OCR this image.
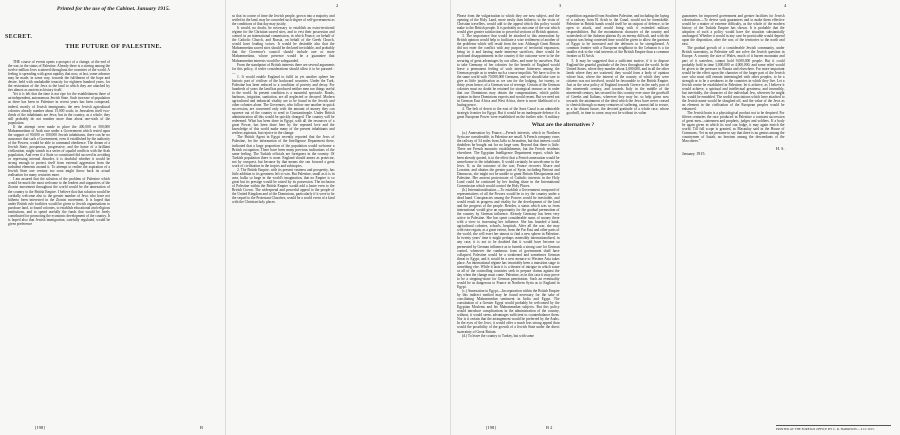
Printed for the use of the Cabinet. January 1915.
SECRET.
THE FUTURE OF PALESTINE.

THE course of events opens a prospect of a change, at the end of the war, in the status of Palestine. Already there is a stirring among the twelve million Jews scattered throughout the countries of the world. A feeling is spreading with great rapidity that now, at last, some advance may be made, in some way, towards the fulfilment of the hope and desire, held with unshakable tenacity for eighteen hundred years, for the restoration of the Jews to the land to which they are attached by ties almost as ancient as history itself.

Yet it is felt that the time is not ripe for the establishment there of an independent, autonomous Jewish State. Such increase of population as there has been in Palestine in recent years has been composed, indeed, mostly of Jewish immigrants; the new Jewish agricultural colonies already number about 15,000 souls; in Jerusalem itself two-thirds of the inhabitants are Jews; but in the country, as a whole, they still probably do not number more than about one-sixth of the population.

If the attempt were made to place the 400,000 or 500,000 Mahommedans of Arab race under a Government which rested upon the support of 90,000 or 100,000 Jewish inhabitants, there can be no assurance that such a Government, even if established by the authority of the Powers, would be able to command obedience. The dream of a Jewish State, prosperous, progressive, and the home of a brilliant civilization, might vanish in a series of squalid conflicts with the Arab population. And even if a State so constituted did succeed in avoiding or repressing internal disorder, it is doubtful whether it would be strong enough to protect itself from external aggression from the turbulent elements around it. To attempt to realise the aspiration of a Jewish State one century too soon might throw back its actual realisation for many centuries more.

I am assured that the solution of the problem of Palestine which would be much the most welcome to the leaders and supporters of the Zionist movement throughout the world would be the annexation of the country to the British Empire. I believe that that solution would be cordially welcome also to the greater number of Jews who have not hitherto been interested in the Zionist movement. It is hoped that under British rule facilities would be given to Jewish organisations to purchase land, to found colonies, to establish educational and religious institutions, and to spend usefully the funds that would be freely contributed for promoting the economic development of the country. It is hoped also that Jewish immigration, carefully regulated, would be given preference

[198]	B
2

so that in course of time the Jewish people, grown into a majority and settled in the land, may be conceded such degree of self-government as the conditions of that day may justify.

It would, no doubt, be necessary to establish an extra-territorial régime for the Christian sacred sites, and to vest their possession and control in an international commission, in which France, on behalf of the Catholic Church, and Russia, on behalf of the Greek Church, would have leading voices. It would be desirable also that the Mahommedan sacred sites should be declared inviolable, and probably that the Governor's council should include one or more Mahommedans, whose presence would be a guarantee that Mahommedan interests would be safeguarded.

From the standpoint of British interests there are several arguments for this policy, if wider considerations should allow it to be pursued :—

1. It would enable England to fulfil in yet another sphere her historic part of civiliser of the backward countries. Under the Turk, Palestine has been reduced to a condition of poverty and decay. For hundreds of years the land has produced neither men nor things useful to the world. Its present condition is a mournful spectacle. Roads, harbours, irrigation, sanitation, are all neglected or decayed. Modern agricultural and industrial vitality are to be found in the Jewish and other colonies alone. The Governors, who follow one another in quick succession, are concerned only with the amount of money they can squeeze out of the country to send to Constantinople. Under British administration all this would be quickly changed. The country will be redeemed. What has been done in Egypt, with all the resources of a great Power, has been done here by the repeated love and the knowledge of this world make many of the present inhabitants and restless aspirants, but rejoice in the change.

The British Agent in Egypt recently reported that the Jews of Palestine, for the information of the Intelligence Department there, indicated that a large proportion of the population would welcome a British occupation. There have been many previous indications of the same feeling. The Turkish officials are foreigners in the country. Of Turkish population there is none. England should annex as protector, not by conquest, but because by that means she can forward a great work of civilisation in the tropics and subtropics.

2. The British Empire, with its present vastness and prosperity, has little addition to its greatness left to win. But Palestine, small as it is in area, bulks so large in the world's imagination, that no Empire is so great but its prestige would be raised by its possession. The inclusion of Palestine within the British Empire would add a lustre even to the British Crown. The widespread and powerful appeal to the people of the United Kingdom and of the Dominions, particularly if it were to be the sequel to the Protestant Churches, would be a world event of a kind with the Christian holy places.

3

Please from the vulgarisation to which they are now subject, and the opening of the Holy Land, more easily than hitherto, to the visits of Christian travellers, would add to the appeal which this policy would make to the British people. It is probably no outcome of the war which would give greater satisfaction to powerful sections of British opinion.

3. The importance that would be attached to this annexation by British opinion would help to facilitate a wise settlement of another of the problems which will result from the war. Although Great Britain did not enter the conflict with any purpose of territorial expansion, being in it and having made immense sacrifices, there would be profound disappointment in the country if the outcome were to be the securing of great advantages by our allies, and none by ourselves. But to take Germany of her colonies for the benefit of England would leave a permanent feeling of such intense bitterness among the German people as to render such a course impolitic. We have to live in the same world with 70,000,000 Germans, and we should take care to give as little justification as we can for the lodging, for twenty, or thirty years hence, of a German war of revenge. Certain of the German colonies must no doubt be retained for strategical reasons or in order that our Dominions may obtain the compensations, which public opinion in those Dominions expects and would resent. But we need not in German East Africa and West Africa, there is more likelihood of a lasting peace.

4. The belt of desert to the east of the Suez Canal is an admirable strategic frontier for Egypt. But it would be an inadequate defence if a great European Power were established on the further side. A military expedition organised from Southern Palestine, and including the laying of a railway from El Arish to the Canal, would not be formidable. Palestine in British hands would itself be an outpost of defence, to be open to attack, and would bring with it extended military responsibilities. But the mountainous character of the country and watersheds of the Judaean plateau fly an enemy difficult, and with the outpost was being contested time would be given to allow the garrison of Egypt to be increased and the defences to be strengthened. A common frontier with a European neighbour in the Lebanon is a far smaller risk to the vital interests of the British Empire than a common frontier at El Arish.

5. It may be suggested that a sufficient motive, if it to dispose England the grateful gratitude of the Jews throughout the world. In the United States, where they number about 2,000,000, and in all the other lands where they are scattered, they would form a body of opinion whose bias, where the interest of the country of which they were citizens was not involved, would be favourable to the British Empire. Just as the wise policy of England towards Greece in the early part of the nineteenth century, and towards Italy in the middle of the nineteenth century, has secured for this country ever since the goodwill of Greeks and Italians, wherever they may be, so help given now towards the attainment of the ideal which the Jews have never ceased to cherish through so many centuries of suffering, cannot fail to secure, in a far distant future, the devoted gratitude of a whole race, whose goodwill, in time to come, may not be without its value.

What are the alternatives ?

(a.) Annexation by France.—French interests, which in Northern Syria are considerable, in Palestine are small. A French company owns the railway of 54 miles from Jaffa to Jerusalem, but that interest could doubtless be bought out for no large sum. Beyond that there is little. There are French monastic establishments, but the French residents elsewhere. The Egyptian Intelligence Department report, which has been already quoted, is to the effect that a French annexation would be unwelcome to the inhabitants. It would certainly be unwelcome to the Jews. If, as the outcome of the war, France recovers Alsace and Lorraine, and obtains the greater part of Syria, including Beirout and Damascus, she might not be unable to grant Britain Mesopotamia and Palestine. Her ancient protectorate of Catholic interests in the Holy Land could be continued by her leading share in the International Commission which would control the Holy Places.

(b.) Internationalisation.—To establish a Government composed of representatives of all the Powers would be to try the country under a dead hand. Conspiracies among the Powers would be inevitable, and would result in progress and vitality for the development of the land and the progress of the people. Besides, a status which was so from international would give an opportunity for the gradual permeation of the country by German influence. Already Germany has been very active in Palestine. She has spent considerable sums of money there with a view to increasing her influence. She has founded a bank, agricultural colonies, schools, hospitals. After all the war, she may with ease regain, as a great extent, from the Far East and other parts of the world, she will exert her utmost to find a new sphere in Palestine. In twenty years' time it might perhaps ostensibly internationalised, in any case, it is not to be doubted that it would have become so permeated by German influence as to furnish a strong case for German control, whenever the cumbrous form of government shall have collapsed. Palestine would be a weakened and sometimes German threat to Egypt, and it would be a new menace to Western Asia takes place. An international régime has invariably been a transition stage to something else. While it lasts it is a theatre of intrigue in which some or all of the controlling countries seek to prepare claims against the day when the change must come. Palestine, as in this case it may prove to be a stepping-stone for German penetration. Such an eventuality would be as dangerous to France in Northern Syria as to England in Egypt.

(c.) Annexation to Egypt.—Incorporation within the British Empire by this indirect method may be found necessary for the sake of conciliating Mahommedan sentiment in India and Egypt. The constitution of a Greater Egypt would probably be welcomed by the Egyptian Moslems and his Mahommedan subjects. But this policy would introduce complications in the administration of the country, without, it would seem, advantages sufficient to counterbalance them. Nor is it certain that the arrangement would be preferred by the Arabs. In the eyes of the Jews, it would offer a much less strong appeal than would the possibility of the growth of a Jewish State under the direct suzerainty of Great Britain.

(d.) To leave the country to Turkey, but with some

[198]	B 2
4

guarantees for improved government and greater facilities for Jewish colonisation.—To devise such guarantees and to make them effective would be a matter of extreme difficulty, as the whole of the modern history of the Turkish Empire has shown. It is probable that the adoption of such a policy would have the situation substantially unchanged. Whether it would in any case be practicable would depend upon the disposition, after the war, of the territories to the north and east.

The gradual growth of a considerable Jewish community, under British suzerainty, in Palestine will not solve the Jewish question in Europe. A country the size of Wales, much of it barren mountain and part of it waterless, cannot hold 9,000,000 people. But it could probably hold in time 3,000,000 or 4,000,000, and some relief would be given to the pressure in Russia and elsewhere. Far more important would be the effect upon the character of the larger part of the Jewish race who must still remain intermingled with other peoples, to be a strength or to be a weakness to the countries in which they live. Let a Jewish centre be established in Palestine; let it achieve, as I believe it would achieve, a spiritual and intellectual greatness; and insensibly, but inevitably, the character of the individual Jew, wherever he might be, would be ennobled. The sordid associations which have attached to the Jewish name would be sloughed off, and the value of the Jews as an element in the civilisation of the European peoples would be enhanced.

The Jewish brain is a physiological product not to be despised. For fifteen centuries the race produced in Palestine a constant succession of great men—statesmen and prophets, judges and soldiers. If a body be again given in which its soul can lodge, it may again enrich the world. Till full scope is granted, as Macaulay said in the House of Commons, “let us not presume to say that there is no genius among the countrymen of Isaiah, no heroism among the descendants of the Maccabees.”

H. S.

January 1915.

PRINTED AT THE FOREIGN OFFICE BY C. R. HARRISON.—21/1/1915.
